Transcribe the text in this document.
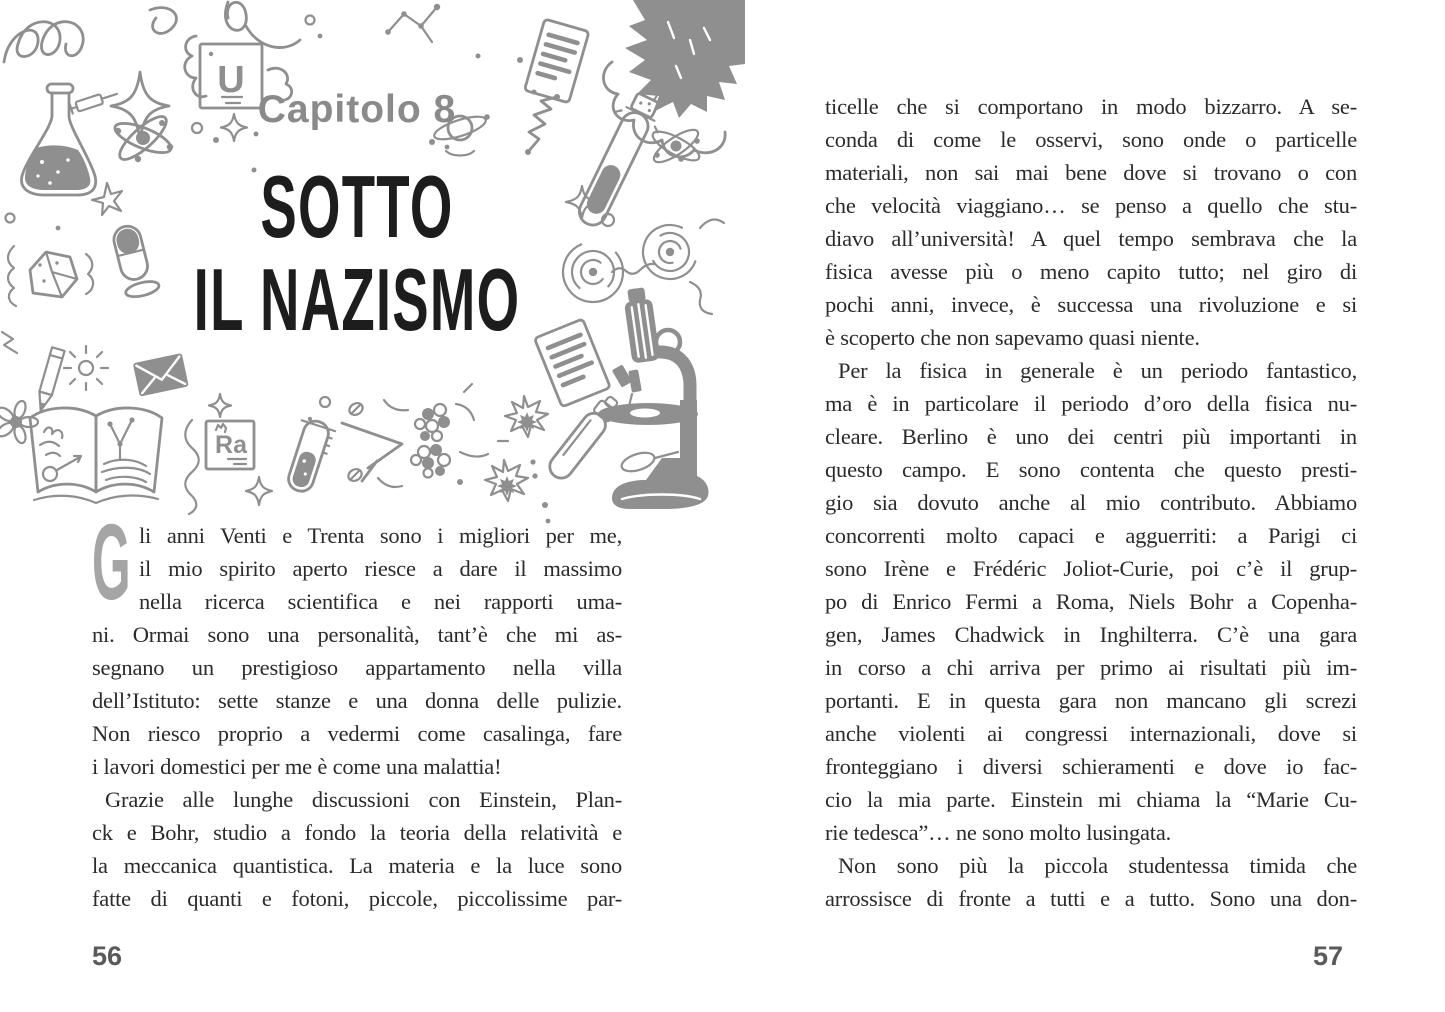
U
Ra
Capitolo 8
SOTTO
IL NAZISMO
G li anni Venti e Trenta sono i migliori per me,
il mio spirito aperto riesce a dare il massimo
nella ricerca scientifica e nei rapporti uma-
ni. Ormai sono una personalità, tant’è che mi as-
segnano un prestigioso appartamento nella villa
dell’Istituto: sette stanze e una donna delle pulizie.
Non riesco proprio a vedermi come casalinga, fare
i lavori domestici per me è come una malattia!
Grazie alle lunghe discussioni con Einstein, Plan-
ck e Bohr, studio a fondo la teoria della relatività e
la meccanica quantistica. La materia e la luce sono
fatte di quanti e fotoni, piccole, piccolissime par-
56
ticelle che si comportano in modo bizzarro. A se-
conda di come le osservi, sono onde o particelle
materiali, non sai mai bene dove si trovano o con
che velocità viaggiano… se penso a quello che stu-
diavo all’università! A quel tempo sembrava che la
fisica avesse più o meno capito tutto; nel giro di
pochi anni, invece, è successa una rivoluzione e si
è scoperto che non sapevamo quasi niente.
Per la fisica in generale è un periodo fantastico,
ma è in particolare il periodo d’oro della fisica nu-
cleare. Berlino è uno dei centri più importanti in
questo campo. E sono contenta che questo presti-
gio sia dovuto anche al mio contributo. Abbiamo
concorrenti molto capaci e agguerriti: a Parigi ci
sono Irène e Frédéric Joliot-Curie, poi c’è il grup-
po di Enrico Fermi a Roma, Niels Bohr a Copenha-
gen, James Chadwick in Inghilterra. C’è una gara
in corso a chi arriva per primo ai risultati più im-
portanti. E in questa gara non mancano gli screzi
anche violenti ai congressi internazionali, dove si
fronteggiano i diversi schieramenti e dove io fac-
cio la mia parte. Einstein mi chiama la “Marie Cu-
rie tedesca”… ne sono molto lusingata.
Non sono più la piccola studentessa timida che
arrossisce di fronte a tutti e a tutto. Sono una don-
57
